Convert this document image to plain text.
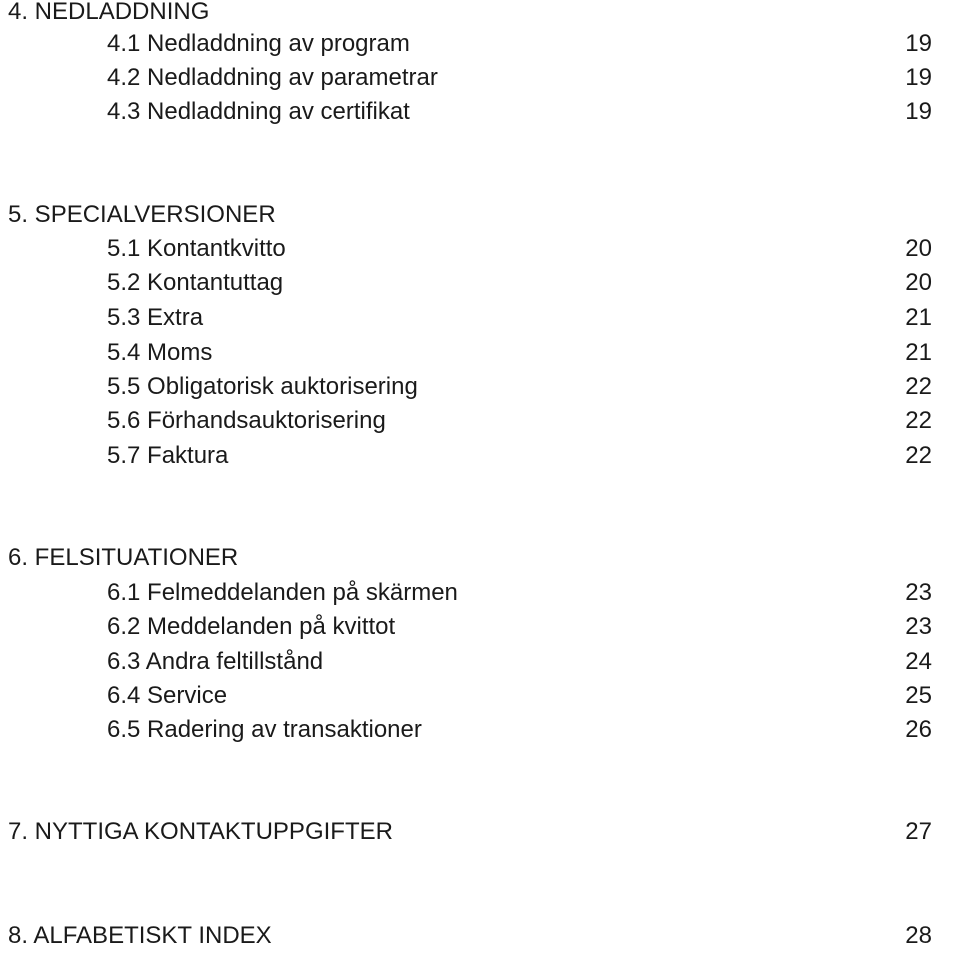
4. NEDLADDNING
4.1 Nedladdning av program	19
4.2 Nedladdning av parametrar	19
4.3 Nedladdning av certifikat	19
5. SPECIALVERSIONER
5.1 Kontantkvitto	20
5.2 Kontantuttag	20
5.3 Extra	21
5.4 Moms	21
5.5 Obligatorisk auktorisering	22
5.6 Förhandsauktorisering	22
5.7 Faktura	22
6. FELSITUATIONER
6.1 Felmeddelanden på skärmen	23
6.2 Meddelanden på kvittot	23
6.3 Andra feltillstånd	24
6.4 Service	25
6.5 Radering av transaktioner	26
7. NYTTIGA KONTAKTUPPGIFTER	27
8. ALFABETISKT INDEX	28
